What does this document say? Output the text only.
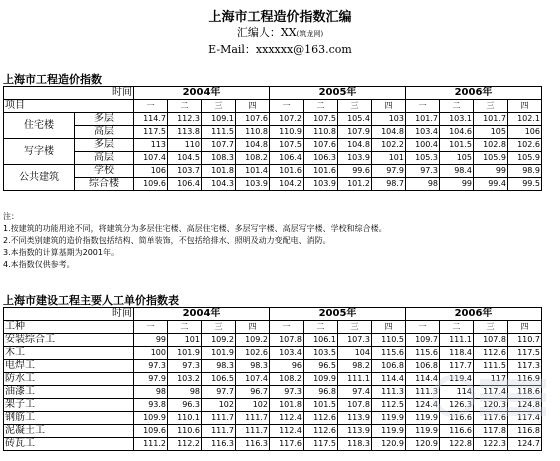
上海市工程造价指数汇编
汇编人：XX(筑龙网)
E-Mail：xxxxxx@163.com
上海市工程造价指数
时间		2004年				2005年				2006年			
项目		一	二	三	四	一	二	三	四	一	二	三	四
住宅楼	多层	114.7	112.3	109.1	107.6	107.2	107.5	105.4	103	101.7	103.1	101.7	102.1
	高层	117.5	113.8	111.5	110.8	110.9	110.8	107.9	104.8	103.4	104.6	105	106
写字楼	多层	113	110	107.7	104.8	107.5	107.6	104.8	102.2	100.4	101.5	102.8	102.6
	高层	107.4	104.5	108.3	108.2	106.4	106.3	103.9	101	105.3	105	105.9	105.9
公共建筑	学校	106	103.7	101.8	101.4	101.6	101.6	99.6	97.9	97.3	98.4	99	98.9
	综合楼	109.6	106.4	104.3	103.9	104.2	103.9	101.2	98.7	98	99	99.4	99.5
注：
1.按建筑的功能用途不同，将建筑分为多层住宅楼、高层住宅楼、多层写字楼、高层写字楼、学校和综合楼。
2.不同类别建筑的造价指数包括结构、简单装饰，不包括给排水、照明及动力变配电、消防。
3.本指数的计算基期为2001年。
4.本指数仅供参考。
上海市建设工程主要人工单价指数表
时间	2004年				2005年				2006年			
工种	一	二	三	四	一	二	三	四	一	二	三	四
安装综合工	99	101	109.2	109.2	107.8	106.1	107.3	110.5	109.7	111.1	107.8	110.7
木工	100	101.9	101.9	102.6	103.4	103.5	104	115.6	115.6	118.4	112.6	117.5
电焊工	97.3	97.3	98.3	98.3	96	96.5	98.2	106.8	106.8	117.7	111.5	117.3
防水工	97.9	103.2	106.5	107.4	108.2	109.9	111.1	114.4	114.4	119.4	117	116.9
油漆工	98	98	97.7	96.7	97.3	96.8	97.4	111.3	111.3	114	117.4	118.6
架子工	93.8	96.3	102	102	101.8	101.5	107.8	112.5	124.4	126.3	120.3	124.8
钢筋工	109.9	110.1	111.7	111.7	112.4	112.6	113.9	119.9	119.9	116.6	117.6	117.4
泥凝土工	109.6	110.6	111.7	111.7	112.4	112.6	113.9	119.9	119.9	116.6	117.8	116.8
砖瓦工	111.2	112.2	116.3	116.3	117.6	117.5	118.3	120.9	120.9	122.8	122.3	124.7
